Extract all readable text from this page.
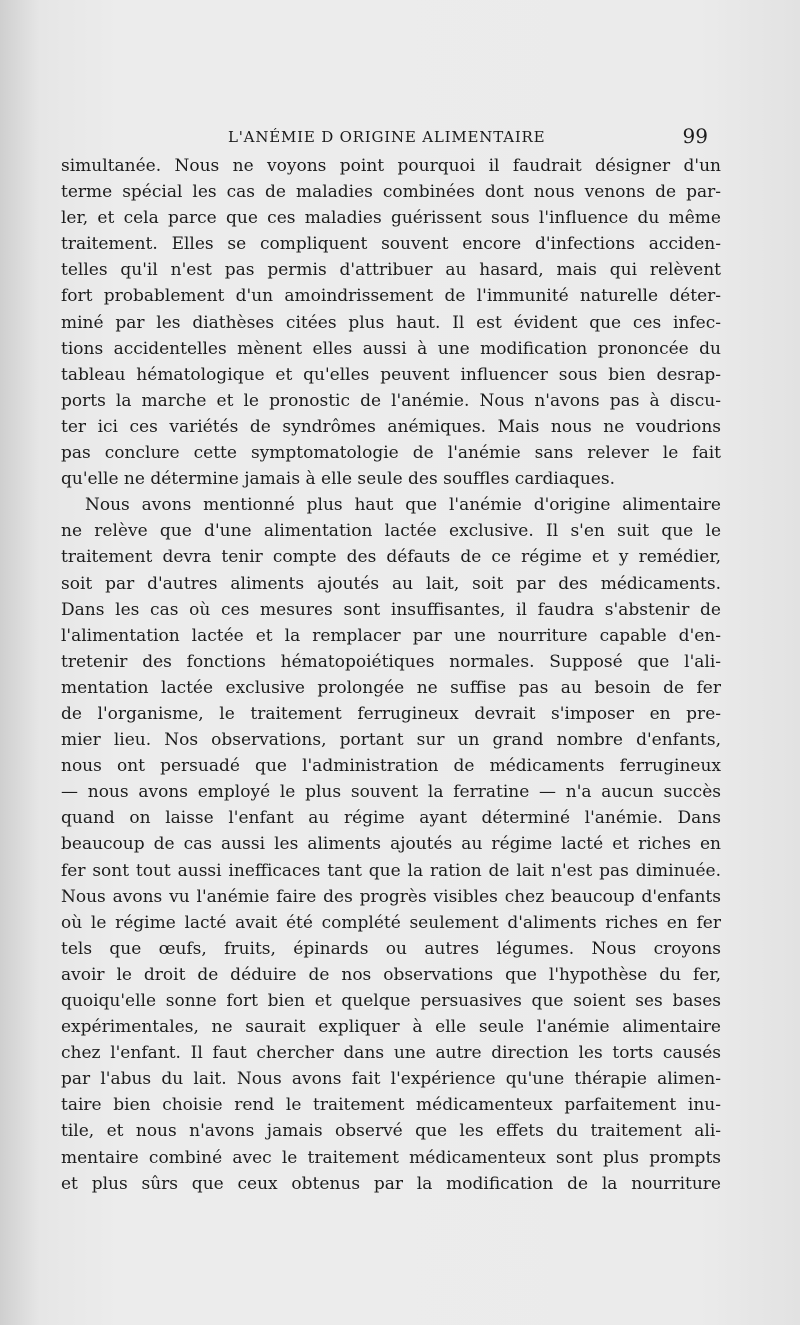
L'ANÉMIE D ORIGINE ALIMENTAIRE	99
simultanée. Nous ne voyons point pourquoi il faudrait désigner d'un
terme spécial les cas de maladies combinées dont nous venons de par-
ler, et cela parce que ces maladies guérissent sous l'influence du même
traitement. Elles se compliquent souvent encore d'infections acciden-
telles qu'il n'est pas permis d'attribuer au hasard, mais qui relèvent
fort probablement d'un amoindrissement de l'immunité naturelle déter-
miné par les diathèses citées plus haut. Il est évident que ces infec-
tions accidentelles mènent elles aussi à une modification prononcée du
tableau hématologique et qu'elles peuvent influencer sous bien desrap-
ports la marche et le pronostic de l'anémie. Nous n'avons pas à discu-
ter ici ces variétés de syndrômes anémiques. Mais nous ne voudrions
pas conclure cette symptomatologie de l'anémie sans relever le fait
qu'elle ne détermine jamais à elle seule des souffles cardiaques.
Nous avons mentionné plus haut que l'anémie d'origine alimentaire
ne relève que d'une alimentation lactée exclusive. Il s'en suit que le
traitement devra tenir compte des défauts de ce régime et y remédier,
soit par d'autres aliments ajoutés au lait, soit par des médicaments.
Dans les cas où ces mesures sont insuffisantes, il faudra s'abstenir de
l'alimentation lactée et la remplacer par une nourriture capable d'en-
tretenir des fonctions hématopoiétiques normales. Supposé que l'ali-
mentation lactée exclusive prolongée ne suffise pas au besoin de fer
de l'organisme, le traitement ferrugineux devrait s'imposer en pre-
mier lieu. Nos observations, portant sur un grand nombre d'enfants,
nous ont persuadé que l'administration de médicaments ferrugineux
— nous avons employé le plus souvent la ferratine — n'a aucun succès
quand on laisse l'enfant au régime ayant déterminé l'anémie. Dans
beaucoup de cas aussi les aliments ajoutés au régime lacté et riches en
fer sont tout aussi inefficaces tant que la ration de lait n'est pas diminuée.
Nous avons vu l'anémie faire des progrès visibles chez beaucoup d'enfants
où le régime lacté avait été complété seulement d'aliments riches en fer
tels que œufs, fruits, épinards ou autres légumes. Nous croyons
avoir le droit de déduire de nos observations que l'hypothèse du fer,
quoiqu'elle sonne fort bien et quelque persuasives que soient ses bases
expérimentales, ne saurait expliquer à elle seule l'anémie alimentaire
chez l'enfant. Il faut chercher dans une autre direction les torts causés
par l'abus du lait. Nous avons fait l'expérience qu'une thérapie alimen-
taire bien choisie rend le traitement médicamenteux parfaitement inu-
tile, et nous n'avons jamais observé que les effets du traitement ali-
mentaire combiné avec le traitement médicamenteux sont plus prompts
et plus sûrs que ceux obtenus par la modification de la nourriture
